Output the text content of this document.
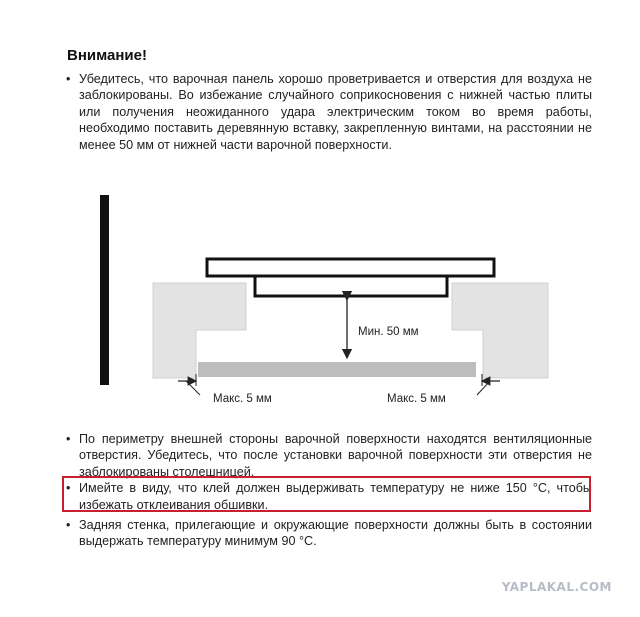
Внимание!
• Убедитесь, что варочная панель хорошо проветривается и отверстия для воздуха не заблокированы. Во избежание случайного соприкосновения с нижней частью плиты или получения неожиданного удара электрическим током во время работы, необходимо поставить деревянную вставку, закрепленную винтами, на расстоянии не менее 50 мм от нижней части варочной поверхности.
Мин. 50 мм
Макс. 5 мм	Макс. 5 мм
• По периметру внешней стороны варочной поверхности находятся вентиляционные отверстия. Убедитесь, что после установки варочной поверхности эти отверстия не заблокированы столешницей.
• Имейте в виду, что клей должен выдерживать температуру не ниже 150 °C, чтобы избежать отклеивания обшивки.
• Задняя стенка, прилегающие и окружающие поверхности должны быть в состоянии выдержать температуру минимум 90 °C.
YAPLAKAL.COM
